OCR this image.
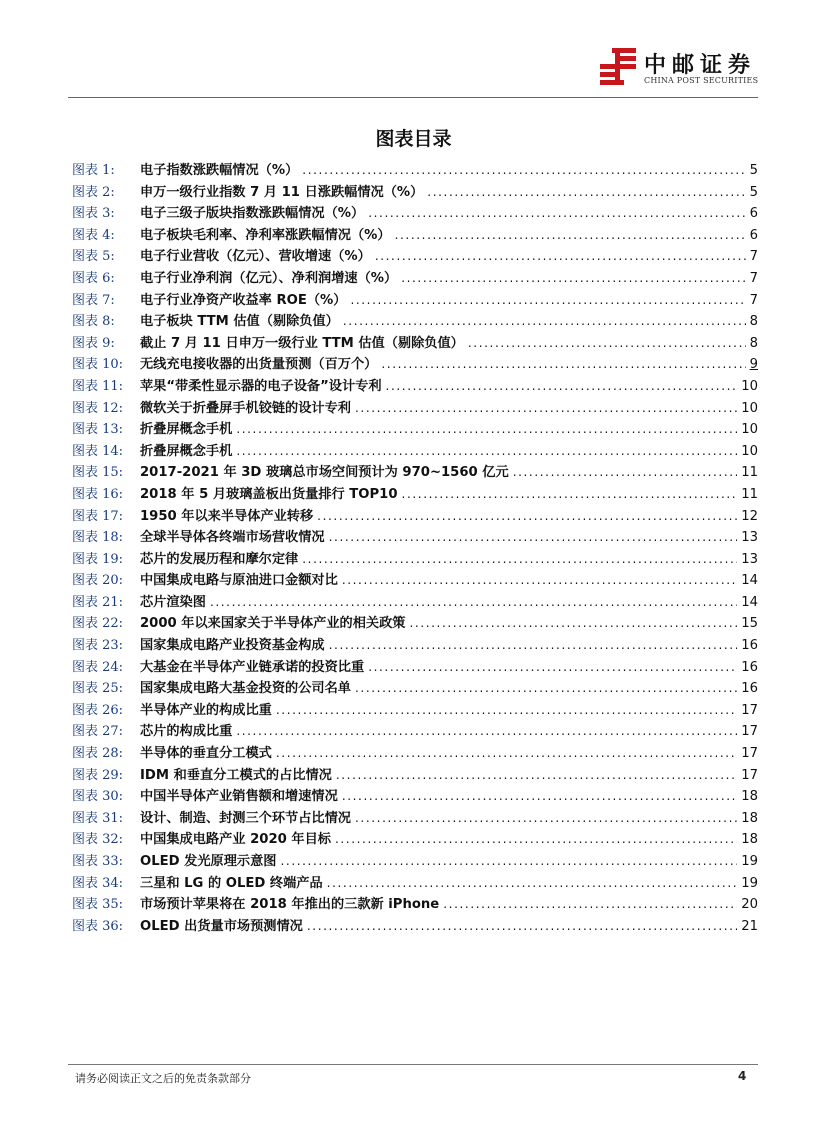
中邮证券
CHINA POST SECURITIES
图表目录
图表 1:	电子指数涨跌幅情况（%） .....	5
图表 2:	申万一级行业指数 7 月 11 日涨跌幅情况（%） .....	5
图表 3:	电子三级子版块指数涨跌幅情况（%） .....	6
图表 4:	电子板块毛利率、净利率涨跌幅情况（%） .....	6
图表 5:	电子行业营收（亿元）、营收增速（%） .....	7
图表 6:	电子行业净利润（亿元）、净利润增速（%） .....	7
图表 7:	电子行业净资产收益率 ROE（%） .....	7
图表 8:	电子板块 TTM 估值（剔除负值） .....	8
图表 9:	截止 7 月 11 日申万一级行业 TTM 估值（剔除负值） .....	8
图表 10:	无线充电接收器的出货量预测（百万个） .....	9
图表 11:	苹果“带柔性显示器的电子设备”设计专利 .....	10
图表 12:	微软关于折叠屏手机铰链的设计专利 .....	10
图表 13:	折叠屏概念手机 .....	10
图表 14:	折叠屏概念手机 .....	10
图表 15:	2017-2021 年 3D 玻璃总市场空间预计为 970~1560 亿元 .....	11
图表 16:	2018 年 5 月玻璃盖板出货量排行 TOP10 .....	11
图表 17:	1950 年以来半导体产业转移 .....	12
图表 18:	全球半导体各终端市场营收情况 .....	13
图表 19:	芯片的发展历程和摩尔定律 .....	13
图表 20:	中国集成电路与原油进口金额对比 .....	14
图表 21:	芯片渲染图 .....	14
图表 22:	2000 年以来国家关于半导体产业的相关政策 .....	15
图表 23:	国家集成电路产业投资基金构成 .....	16
图表 24:	大基金在半导体产业链承诺的投资比重 .....	16
图表 25:	国家集成电路大基金投资的公司名单 .....	16
图表 26:	半导体产业的构成比重 .....	17
图表 27:	芯片的构成比重 .....	17
图表 28:	半导体的垂直分工模式 .....	17
图表 29:	IDM 和垂直分工模式的占比情况 .....	17
图表 30:	中国半导体产业销售额和增速情况 .....	18
图表 31:	设计、制造、封测三个环节占比情况 .....	18
图表 32:	中国集成电路产业 2020 年目标 .....	18
图表 33:	OLED 发光原理示意图 .....	19
图表 34:	三星和 LG 的 OLED 终端产品 .....	19
图表 35:	市场预计苹果将在 2018 年推出的三款新 iPhone .....	20
图表 36:	OLED 出货量市场预测情况 .....	21
请务必阅读正文之后的免责条款部分	4
